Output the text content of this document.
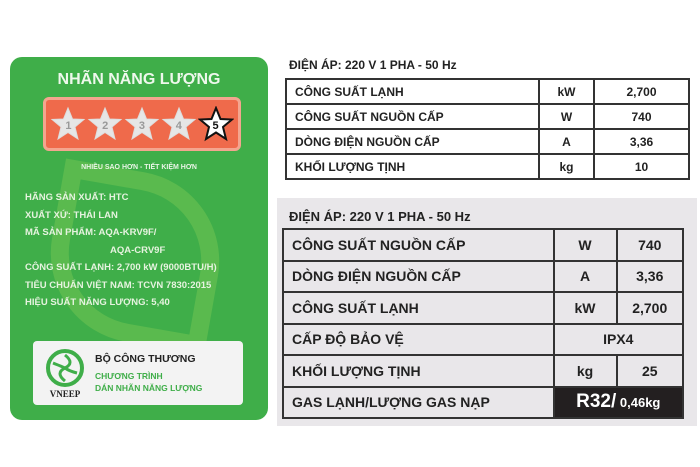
NHÃN NĂNG LƯỢNG
1	2	3	4	5
NHIỀU SAO HƠN - TIẾT KIỆM HƠN
HÃNG SẢN XUẤT: HTC
XUẤT XỨ: THÁI LAN
MÃ SẢN PHẨM: AQA-KRV9F/
AQA-CRV9F
CÔNG SUẤT LẠNH: 2,700 kW (9000BTU/H)
TIÊU CHUẨN VIỆT NAM: TCVN 7830:2015
HIỆU SUẤT NĂNG LƯỢNG: 5,40
VNEEP
BỘ CÔNG THƯƠNG
CHƯƠNG TRÌNH
DÁN NHÃN NĂNG LƯỢNG
ĐIỆN ÁP: 220 V 1 PHA - 50 Hz
CÔNG SUẤT LẠNH	kW	2,700
CÔNG SUẤT NGUỒN CẤP	W	740
DÒNG ĐIỆN NGUỒN CẤP	A	3,36
KHỐI LƯỢNG TỊNH	kg	10
ĐIỆN ÁP: 220 V 1 PHA - 50 Hz
CÔNG SUẤT NGUỒN CẤP	W	740
DÒNG ĐIỆN NGUỒN CẤP	A	3,36
CÔNG SUẤT LẠNH	kW	2,700
CẤP ĐỘ BẢO VỆ	IPX4	
KHỐI LƯỢNG TỊNH	kg	25
GAS LẠNH/LƯỢNG GAS NẠP	R32/ 0,46kg	
